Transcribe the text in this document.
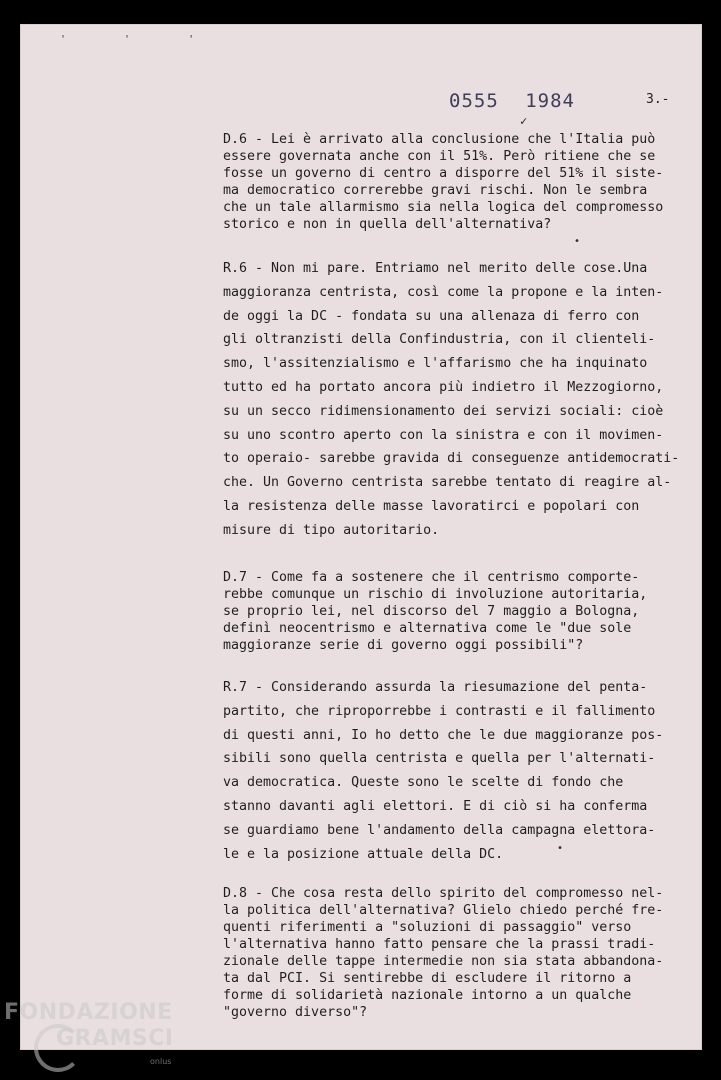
' ' '
0555 1984	3.-
✓
D.6 - Lei è arrivato alla conclusione che l'Italia può
essere governata anche con il 51%. Però ritiene che se
fosse un governo di centro a disporre del 51% il siste-
ma democratico correrebbe gravi rischi. Non le sembra
che un tale allarmismo sia nella logica del compromesso
storico e non in quella dell'alternativa?
R.6 - Non mi pare. Entriamo nel merito delle cose.Una
maggioranza centrista, così come la propone e la inten-
de oggi la DC - fondata su una allenaza di ferro con
gli oltranzisti della Confindustria, con il clienteli-
smo, l'assitenzialismo e l'affarismo che ha inquinato
tutto ed ha portato ancora più indietro il Mezzogiorno,
su un secco ridimensionamento dei servizi sociali: cioè
su uno scontro aperto con la sinistra e con il movimen-
to operaio- sarebbe gravida di conseguenze antidemocrati-
che. Un Governo centrista sarebbe tentato di reagire al-
la resistenza delle masse lavoratirci e popolari con
misure di tipo autoritario.
D.7 - Come fa a sostenere che il centrismo comporte-
rebbe comunque un rischio di involuzione autoritaria,
se proprio lei, nel discorso del 7 maggio a Bologna,
definì neocentrismo e alternativa come le "due sole
maggioranze serie di governo oggi possibili"?
R.7 - Considerando assurda la riesumazione del penta-
partito, che riproporrebbe i contrasti e il fallimento
di questi anni, Io ho detto che le due maggioranze pos-
sibili sono quella centrista e quella per l'alternati-
va democratica. Queste sono le scelte di fondo che
stanno davanti agli elettori. E di ciò si ha conferma
se guardiamo bene l'andamento della campagna elettora-
le e la posizione attuale della DC.
D.8 - Che cosa resta dello spirito del compromesso nel-
la politica dell'alternativa? Glielo chiedo perché fre-
quenti riferimenti a "soluzioni di passaggio" verso
l'alternativa hanno fatto pensare che la prassi tradi-
zionale delle tappe intermedie non sia stata abbandona-
ta dal PCI. Si sentirebbe di escludere il ritorno a
forme di solidarietà nazionale intorno a un qualche
"governo diverso"?
•
•
FONDAZIONE
GRAMSCI
onlus
